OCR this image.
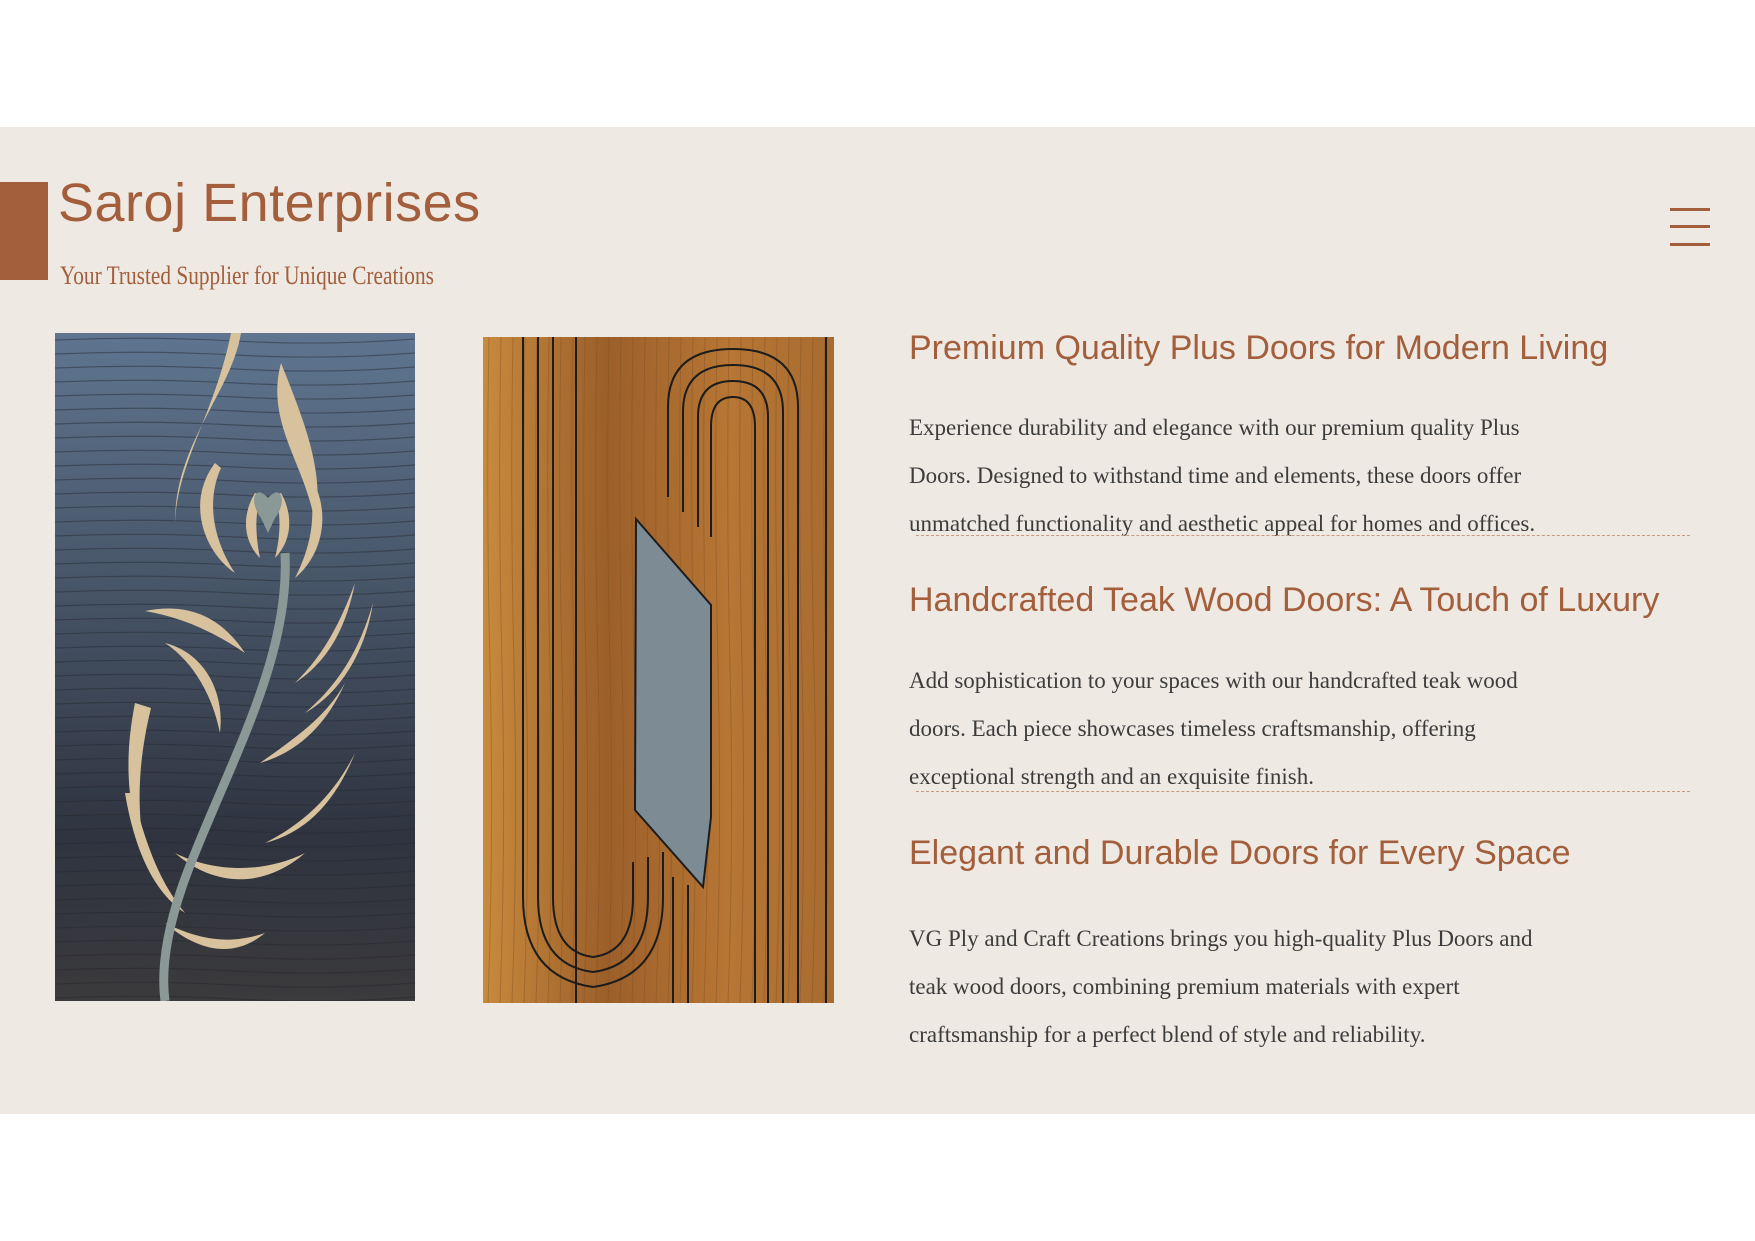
Saroj Enterprises
Your Trusted Supplier for Unique Creations
Premium Quality Plus Doors for Modern Living
Experience durability and elegance with our premium quality Plus
Doors. Designed to withstand time and elements, these doors offer
unmatched functionality and aesthetic appeal for homes and offices.
Handcrafted Teak Wood Doors: A Touch of Luxury
Add sophistication to your spaces with our handcrafted teak wood
doors. Each piece showcases timeless craftsmanship, offering
exceptional strength and an exquisite finish.
Elegant and Durable Doors for Every Space
VG Ply and Craft Creations brings you high-quality Plus Doors and
teak wood doors, combining premium materials with expert
craftsmanship for a perfect blend of style and reliability.
